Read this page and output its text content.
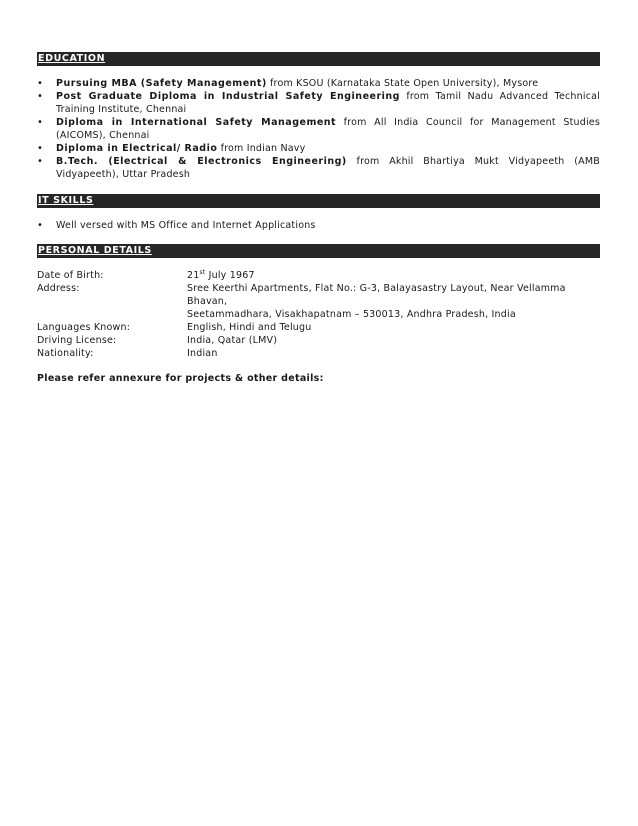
EDUCATION
• Pursuing MBA (Safety Management) from KSOU (Karnataka State Open University), Mysore
• Post Graduate Diploma in Industrial Safety Engineering from Tamil Nadu Advanced Technical Training Institute, Chennai
• Diploma in International Safety Management from All India Council for Management Studies (AICOMS), Chennai
• Diploma in Electrical/ Radio from Indian Navy
• B.Tech. (Electrical & Electronics Engineering) from Akhil Bhartiya Mukt Vidyapeeth (AMB Vidyapeeth), Uttar Pradesh
IT SKILLS
• Well versed with MS Office and Internet Applications
PERSONAL DETAILS
Date of Birth:	21st July 1967
Address:	Sree Keerthi Apartments, Flat No.: G-3, Balayasastry Layout, Near Vellamma Bhavan,
Seetammadhara, Visakhapatnam – 530013, Andhra Pradesh, India
Languages Known:	English, Hindi and Telugu
Driving License:	India, Qatar (LMV)
Nationality:	Indian
Please refer annexure for projects & other details:
